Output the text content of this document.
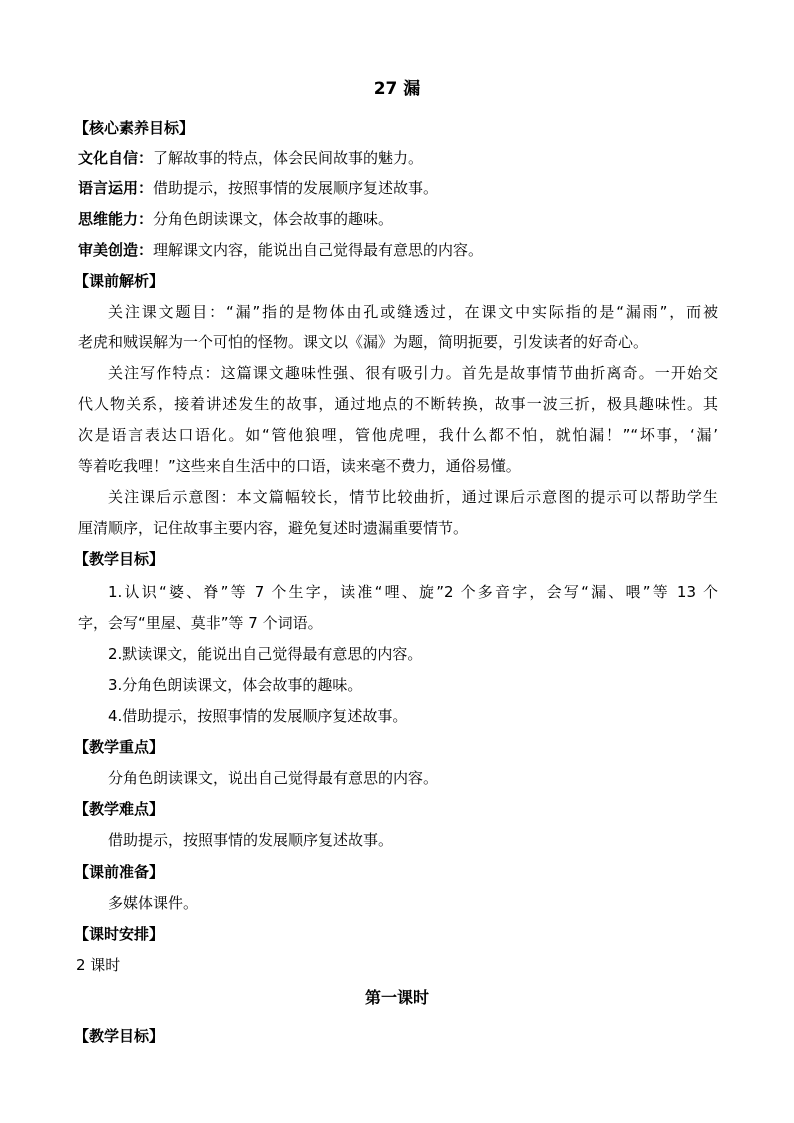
27 漏
【核心素养目标】
文化自信：了解故事的特点，体会民间故事的魅力。
语言运用：借助提示，按照事情的发展顺序复述故事。
思维能力：分角色朗读课文，体会故事的趣味。
审美创造：理解课文内容，能说出自己觉得最有意思的内容。
【课前解析】
关注课文题目：“漏”指的是物体由孔或缝透过，在课文中实际指的是“漏雨”，而被
老虎和贼误解为一个可怕的怪物。课文以《漏》为题，简明扼要，引发读者的好奇心。
关注写作特点：这篇课文趣味性强、很有吸引力。首先是故事情节曲折离奇。一开始交
代人物关系，接着讲述发生的故事，通过地点的不断转换，故事一波三折，极具趣味性。其
次是语言表达口语化。如“管他狼哩，管他虎哩，我什么都不怕，就怕漏！”“坏事，‘漏’
等着吃我哩！”这些来自生活中的口语，读来毫不费力，通俗易懂。
关注课后示意图：本文篇幅较长，情节比较曲折，通过课后示意图的提示可以帮助学生
厘清顺序，记住故事主要内容，避免复述时遗漏重要情节。
【教学目标】
1.认识“婆、脊”等 7 个生字，读准“哩、旋”2 个多音字，会写“漏、喂”等 13 个
字，会写“里屋、莫非”等 7 个词语。
2.默读课文，能说出自己觉得最有意思的内容。
3.分角色朗读课文，体会故事的趣味。
4.借助提示，按照事情的发展顺序复述故事。
【教学重点】
分角色朗读课文，说出自己觉得最有意思的内容。
【教学难点】
借助提示，按照事情的发展顺序复述故事。
【课前准备】
多媒体课件。
【课时安排】
2 课时
第一课时
【教学目标】
